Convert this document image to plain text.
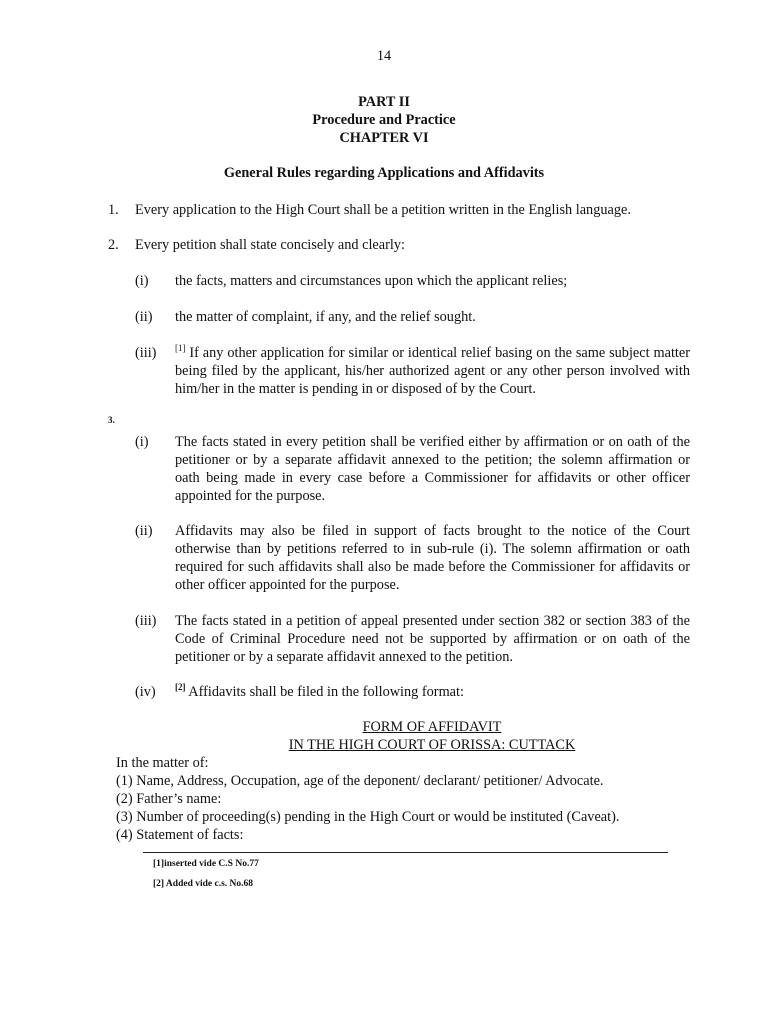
14
PART II
Procedure and Practice
CHAPTER VI
General Rules regarding Applications and Affidavits
1. Every application to the High Court shall be a petition written in the English language.
2. Every petition shall state concisely and clearly:
(i) the facts, matters and circumstances upon which the applicant relies;
(ii) the matter of complaint, if any, and the relief sought.
(iii) [1] If any other application for similar or identical relief basing on the same subject matter being filed by the applicant, his/her authorized agent or any other person involved with him/her in the matter is pending in or disposed of by the Court.
3.
(i) The facts stated in every petition shall be verified either by affirmation or on oath of the petitioner or by a separate affidavit annexed to the petition; the solemn affirmation or oath being made in every case before a Commissioner for affidavits or other officer appointed for the purpose.
(ii) Affidavits may also be filed in support of facts brought to the notice of the Court otherwise than by petitions referred to in sub-rule (i). The solemn affirmation or oath required for such affidavits shall also be made before the Commissioner for affidavits or other officer appointed for the purpose.
(iii) The facts stated in a petition of appeal presented under section 382 or section 383 of the Code of Criminal Procedure need not be supported by affirmation or on oath of the petitioner or by a separate affidavit annexed to the petition.
(iv) [2] Affidavits shall be filed in the following format:
FORM OF AFFIDAVIT
IN THE HIGH COURT OF ORISSA: CUTTACK
In the matter of:
(1) Name, Address, Occupation, age of the deponent/ declarant/ petitioner/ Advocate.
(2) Father’s name:
(3) Number of proceeding(s) pending in the High Court or would be instituted (Caveat).
(4) Statement of facts:
[1]inserted vide C.S No.77
[2] Added vide c.s. No.68
